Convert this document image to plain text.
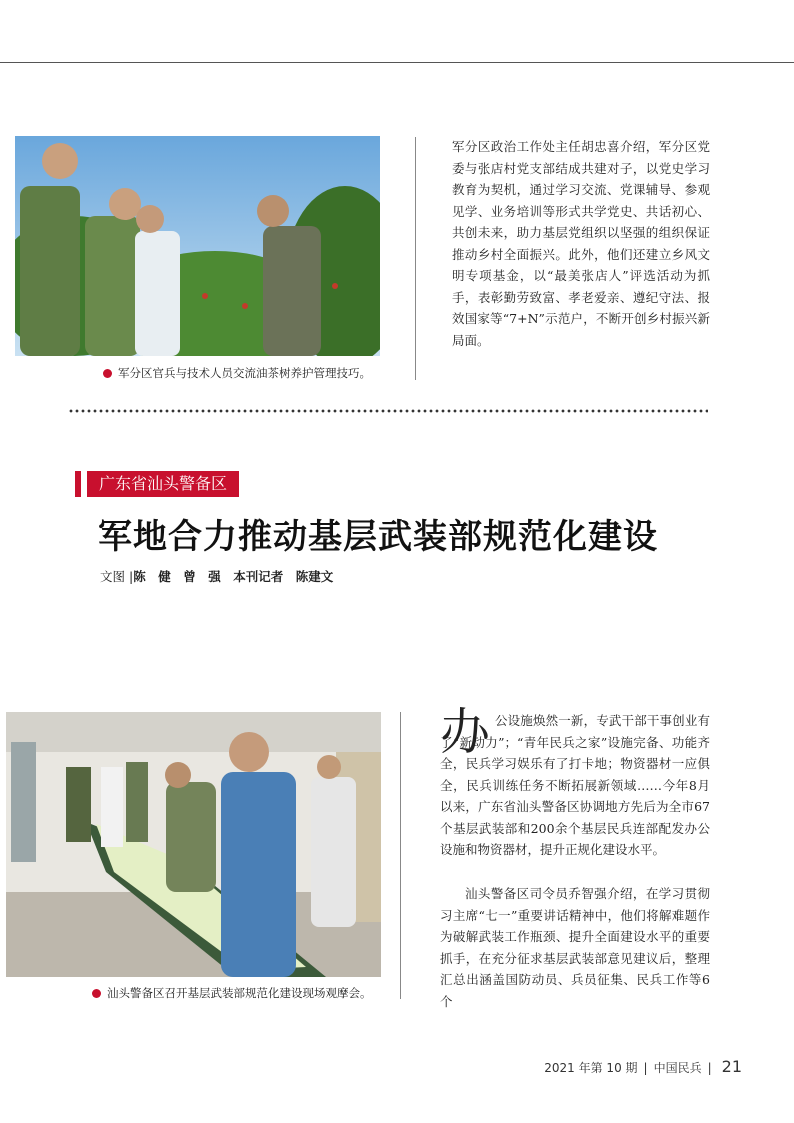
军分区官兵与技术人员交流油茶树养护管理技巧。

军分区政治工作处主任胡忠喜介绍，军分区党委与张店村党支部结成共建对子，以党史学习教育为契机，通过学习交流、党课辅导、参观见学、业务培训等形式共学党史、共话初心、共创未来，助力基层党组织以坚强的组织保证推动乡村全面振兴。此外，他们还建立乡风文明专项基金，以“最美张店人”评选活动为抓手，表彰勤劳致富、孝老爱亲、遵纪守法、报效国家等“7+N”示范户，不断开创乡村振兴新局面。

广东省汕头警备区
军地合力推动基层武装部规范化建设
文图 |陈　健　曾　强　本刊记者　陈建文
汕头警备区召开基层武装部规范化建设现场观摩会。
办 公设施焕然一新，专武干部干事创业有了“新动力”；“青年民兵之家”设施完备、功能齐全，民兵学习娱乐有了打卡地；物资器材一应俱全，民兵训练任务不断拓展新领域……今年8月以来，广东省汕头警备区协调地方先后为全市67个基层武装部和200余个基层民兵连部配发办公设施和物资器材，提升正规化建设水平。

汕头警备区司令员乔智强介绍，在学习贯彻习主席“七一”重要讲话精神中，他们将解难题作为破解武装工作瓶颈、提升全面建设水平的重要抓手，在充分征求基层武装部意见建议后，整理汇总出涵盖国防动员、兵员征集、民兵工作等6个

2021 年第 10 期 | 中国民兵 | 21
